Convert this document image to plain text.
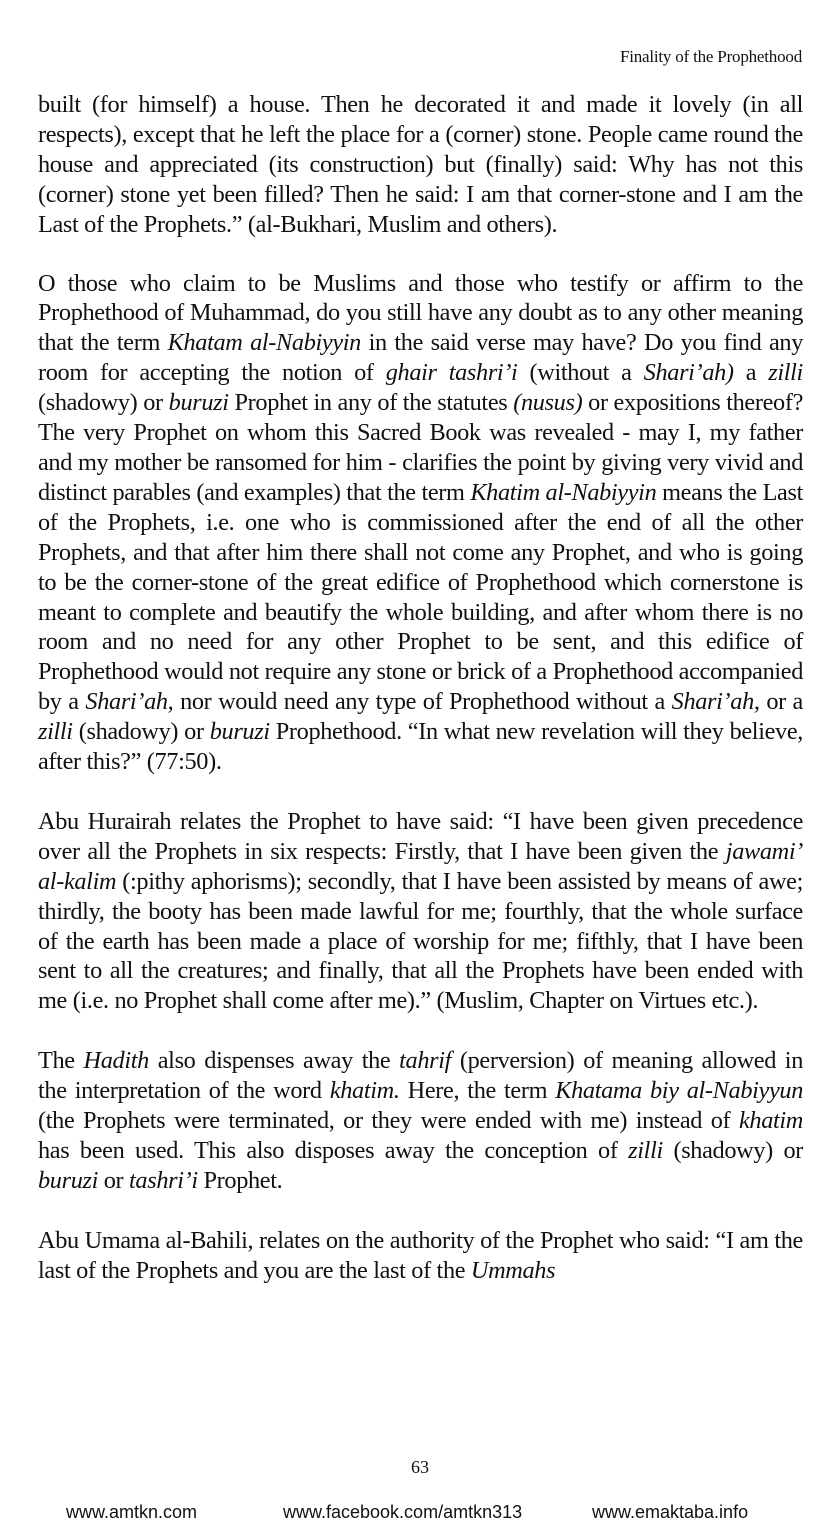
Finality of the Prophethood

built (for himself) a house. Then he decorated it and made it lovely (in all respects), except that he left the place for a (corner) stone. People came round the house and appreciated (its construction) but (finally) said: Why has not this (corner) stone yet been filled? Then he said: I am that corner-stone and I am the Last of the Prophets.” (al-Bukhari, Muslim and others).

O those who claim to be Muslims and those who testify or affirm to the Prophethood of Muhammad, do you still have any doubt as to any other meaning that the term Khatam al-Nabiyyin in the said verse may have? Do you find any room for accepting the notion of ghair tashri’i (without a Shari’ah) a zilli (shadowy) or buruzi Prophet in any of the statutes (nusus) or expositions thereof? The very Prophet on whom this Sacred Book was revealed - may I, my father and my mother be ransomed for him - clarifies the point by giving very vivid and distinct parables (and examples) that the term Khatim al-Nabiyyin means the Last of the Prophets, i.e. one who is commissioned after the end of all the other Prophets, and that after him there shall not come any Prophet, and who is going to be the corner-stone of the great edifice of Prophethood which cornerstone is meant to complete and beautify the whole building, and after whom there is no room and no need for any other Prophet to be sent, and this edifice of Prophethood would not require any stone or brick of a Prophethood accompanied by a Shari’ah, nor would need any type of Prophethood without a Shari’ah, or a zilli (shadowy) or buruzi Prophethood. “In what new revelation will they believe, after this?” (77:50).

Abu Hurairah relates the Prophet to have said: “I have been given precedence over all the Prophets in six respects: Firstly, that I have been given the jawami’ al-kalim (:pithy aphorisms); secondly, that I have been assisted by means of awe; thirdly, the booty has been made lawful for me; fourthly, that the whole surface of the earth has been made a place of worship for me; fifthly, that I have been sent to all the creatures; and finally, that all the Prophets have been ended with me (i.e. no Prophet shall come after me).” (Muslim, Chapter on Virtues etc.).

The Hadith also dispenses away the tahrif (perversion) of meaning allowed in the interpretation of the word khatim. Here, the term Khatama biy al-Nabiyyun (the Prophets were terminated, or they were ended with me) instead of khatim has been used. This also disposes away the conception of zilli (shadowy) or buruzi or tashri’i Prophet.

Abu Umama al-Bahili, relates on the authority of the Prophet who said: “I am the last of the Prophets and you are the last of the Ummahs

63
www.amtkn.com	www.facebook.com/amtkn313	www.emaktaba.info
